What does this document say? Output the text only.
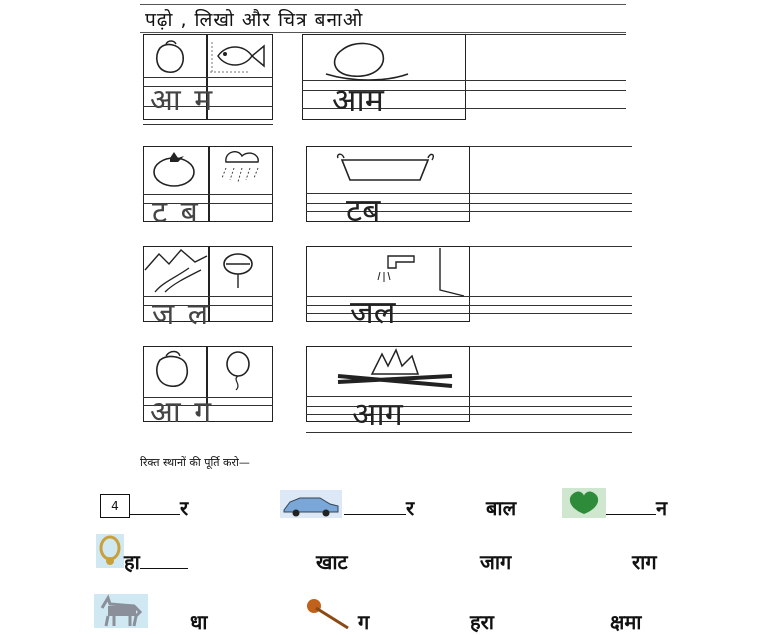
पढ़ो , लिखो और चित्र बनाओ
आ म	आम
ट ब	टब
ज ल	जल
आ ग	आग
रिक्त स्थानों की पूर्ति करो—
4	र	र	बाल	न
हा	खाट	जाग	राग
धा	ग	हरा	क्षमा
